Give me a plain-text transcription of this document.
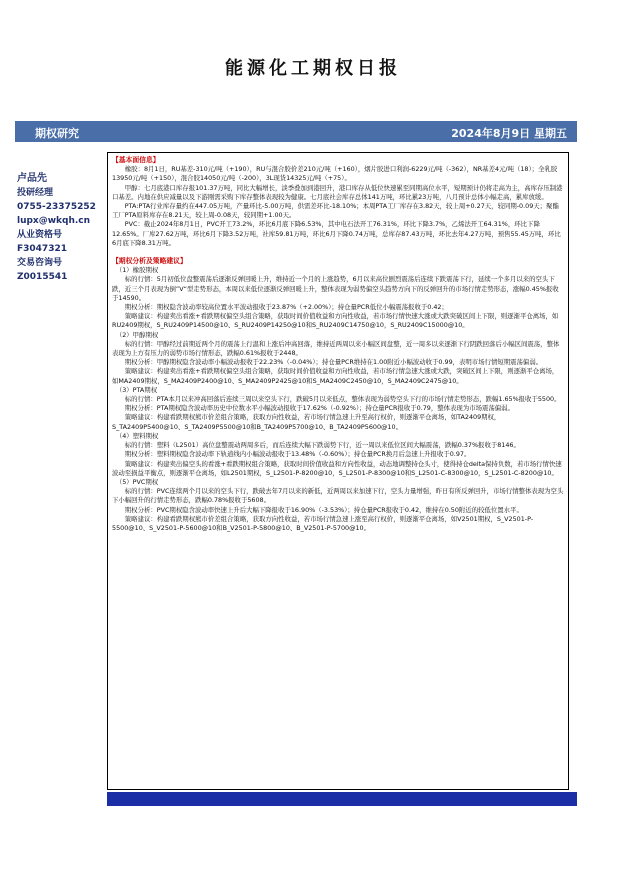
能源化工期权日报
期权研究	2024年8月9日 星期五
卢品先
投研经理
0755-23375252
lupx@wkqh.cn
从业资格号
F3047321
交易咨询号
Z0015541

【基本面信息】

橡胶：8月1日，RU基差-310元/吨（+190），RU与混合胶价差210元/吨（+160），烟片胶进口利润-6229元/吨（-362），NR基差4元/吨（18）；全乳胶13950元/吨（+150），混合胶14050元/吨（-200），3L现货14325元/吨（+75）。

甲醇：七月底港口库存报101.37万吨，同比大幅增长，淡季叠加到港回升，港口库存从低位快速累至同期高位水平，短期预计仍将走高为主，高库存压制港口基差。内地在供应减量以及下游刚需采购下库存整体表现较为健康。七月底社会库存总体141万吨，环比累23万吨，八月预计总体小幅走高，累库放缓。

PTA:PTA行业库存量约在447.05万吨，产量环比-5.00万吨，供需差环比-18.10%；本周PTA工厂库存在3.82天，较上周+0.27天，较同期-0.09天；聚酯工厂PTA原料库存在8.21天，较上周-0.08天，较同期+1.00天。

PVC：截止2024年8月1日，PVC开工73.2%，环比6月底下降6.53%，其中电石法开工76.31%，环比下降3.7%，乙烯法开工64.31%，环比下降12.65%。厂库27.62万吨，环比6月下降3.52万吨，社库59.81万吨，环比6月下降0.74万吨，总库存87.43万吨，环比去年4.27万吨，预售55.45万吨，环比6月底下降8.31万吨。

【期权分析及策略建议】

（1）橡胶期权

标的行情：5月初低位盘整震荡后逐渐反弹回暖上升，维持近一个月的上涨趋势，6月以来高位剧烈震荡后连续下跌震荡下行，延续一个多月以来的空头下跌，近三个月表现为倒”V“型走势形态，本周以来低位逐渐反弹回暖上升，整体表现为弱势偏空头趋势方向下的反弹回升的市场行情走势形态，涨幅0.45%报收于14590。

期权分析：期权隐含波动率较高位置水平波动报收于23.87%（+2.00%）；持仓量PCR低位小幅震荡报收于0.42；

策略建议：构建卖出看涨+看跌期权偏空头组合策略，获取时间价值收益和方向性收益，若市场行情快速大涨或大跌突破区间上下限，则逐渐平仓离场，如RU2409期权，S_RU2409P14500@10、S_RU2409P14250@10和S_RU2409C14750@10，S_RU2409C15000@10。

（2）甲醇期权

标的行情：甲醇经过前期近两个月的震荡上行温和上涨后冲高回落，维持近两周以来小幅区间盘整，近一周多以来逐渐下行阴跌回落后小幅区间震荡，整体表现为上方有压力的弱势市场行情形态，跌幅0.61%报收于2448。

期权分析：甲醇期权隐含波动率小幅波动报收于22.23%（-0.04%）；持仓量PCR维持在1.00附近小幅波动收于0.99，表明市场行情短期震荡偏弱。

策略建议：构建卖出看涨+看跌期权偏空头组合策略，获取时间价值收益和方向性收益，若市场行情急速大涨或大跌，突破区间上下限，则逐渐平仓离场，如MA2409期权，S_MA2409P2400@10、S_MA2409P2425@10和S_MA2409C2450@10，S_MA2409C2475@10。

（3）PTA期权

标的行情：PTA本月以来冲高回落后连续三周以来空头下行，跌破5月以来低点，整体表现为弱势空头下行的市场行情走势形态，跌幅1.65%报收于5500。

期权分析：PTA期权隐含波动率历史中位数水平小幅波动报收于17.62%（-0.92%）；持仓量PCR报收于0.79，整体表现为市场震荡偏弱。

策略建议：构建看跌期权熊市价差组合策略，获取方向性收益，若市场行情急速上升至高行权价，则逐渐平仓离场，如TA2409期权，S_TA2409P5400@10、S_TA2409P5500@10和B_TA2409P5700@10、B_TA2409P5600@10。

（4）塑料期权

标的行情：塑料（L2501）高位盘整震动两周多后，而后连续大幅下跌弱势下行，近一周以来低位区间大幅震荡，跌幅0.37%报收于8146。

期权分析：塑料期权隐含波动率下轨道线内小幅波动报收于13.48%（-0.60%）；持仓量PCR换月后急速上升报收于0.97。

策略建议：构建卖出偏空头的看涨+看跌期权组合策略，获取时间价值收益和方向性收益，动态地调整持仓头寸，使得持仓delta保持负数，若市场行情快速波动至损益平衡点，则逐渐平仓离场，如L2501期权，S_L2501-P-8200@10，S_L2501-P-8300@10和S_L2501-C-8300@10，S_L2501-C-8200@10。

（5）PVC期权

标的行情：PVC连续两个月以来的空头下行，跌破去年7月以来的新低，近两周以来加速下行，空头力量增强，昨日有所反弹回升，市场行情整体表现为空头下小幅回升的行情走势形态，跌幅0.78%报收于5608。

期权分析：PVC期权隐含波动率快速上升后大幅下降报收于16.90%（-3.53%）；持仓量PCR报收于0.42，维持在0.50附近的较低位置水平。

策略建议：构建看跌期权熊市价差组合策略，获取方向性收益，若市场行情急速上涨至高行权价，则逐渐平仓离场，如V2501期权，S_V2501-P-5500@10、S_V2501-P-5600@10和B_V2501-P-5800@10、B_V2501-P-5700@10。
